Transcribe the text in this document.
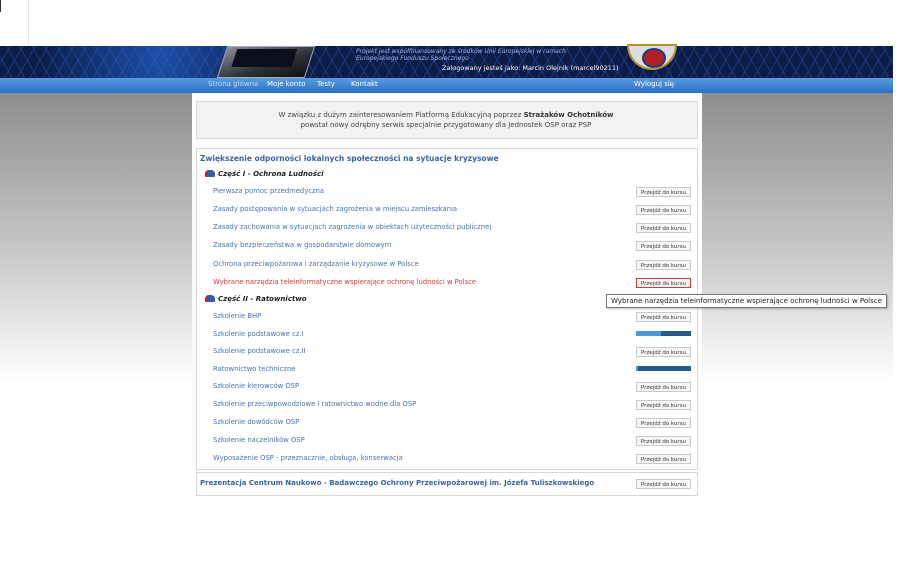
Projekt jest współfinansowany ze środków Unii Europejskiej w ramach
Europejskiego Funduszu Społecznego
Zalogowany jesteś jako: Marcin Olejnik (marcel90211)
Strona główna Moje konto Testy Kontakt	Wyloguj się
W związku z dużym zainteresowaniem Platformą Edukacyjną poprzez Strażaków Ochotników
powstał nowy odrębny serwis specjalnie przygotowany dla Jednostek OSP oraz PSP
Zwiększenie odporności lokalnych społeczności na sytuacje kryzysowe
Część I - Ochrona Ludności
Pierwsza pomoc przedmedyczna	Przejdź do kursu
Zasady postępowania w sytuacjach zagrożenia w miejscu zamieszkania	Przejdź do kursu
Zasady zachowania w sytuacjach zagrożenia w obiektach użyteczności publicznej	Przejdź do kursu
Zasady bezpieczeństwa w gospodarstwie domowym	Przejdź do kursu
Ochrona przeciwpożarowa i zarządzanie kryzysowe w Polsce	Przejdź do kursu
Wybrane narzędzia teleinformatyczne wspierające ochronę ludności w Polsce	Przejdź do kursu
Część II - Ratownictwo
Szkolenie BHP	Przejdź do kursu
Szkolenie podstawowe cz.I
Szkolenie podstawowe cz.II	Przejdź do kursu
Ratownictwo techniczne
Szkolenie kierowców OSP	Przejdź do kursu
Szkolenie przeciwpowodziowe i ratownictwo wodne dla OSP	Przejdź do kursu
Szkolenie dowódców OSP	Przejdź do kursu
Szkolenie naczelników OSP	Przejdź do kursu
Wyposażenie OSP - przeznacznie, obsługa, konserwacja	Przejdź do kursu
Wybrane narzędzia teleinformatyczne wspierające ochronę ludności w Polsce
Prezentacja Centrum Naukowo - Badawczego Ochrony Przeciwpożarowej im. Józefa Tuliszkowskiego	Przejdź do kursu
